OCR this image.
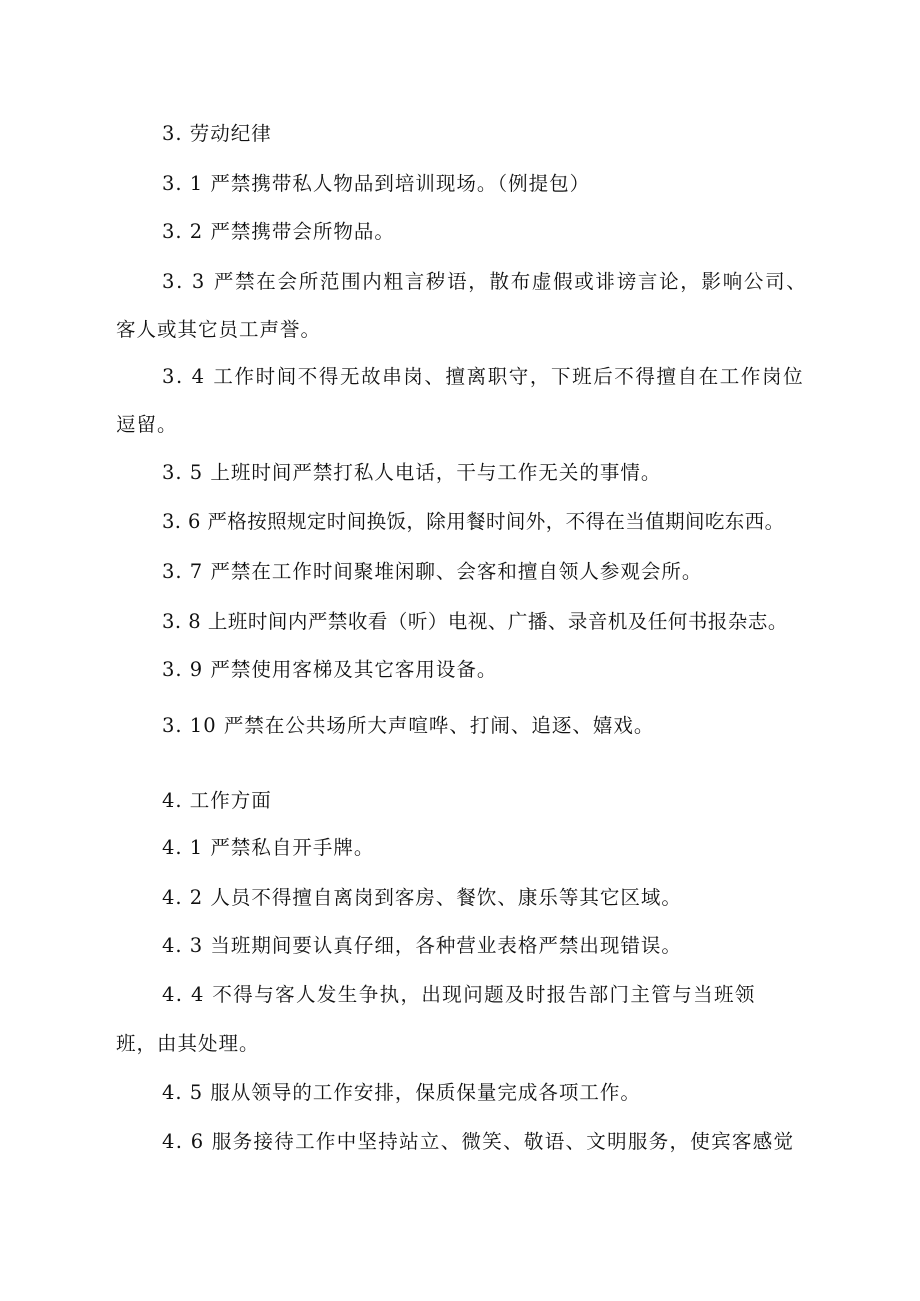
3. 劳动纪律
3. 1 严禁携带私人物品到培训现场。（例提包）
3. 2 严禁携带会所物品。
3. 3 严禁在会所范围内粗言秽语，散布虚假或诽谤言论，影响公司、
客人或其它员工声誉。
3. 4 工作时间不得无故串岗、擅离职守，下班后不得擅自在工作岗位
逗留。
3. 5 上班时间严禁打私人电话，干与工作无关的事情。
3. 6 严格按照规定时间换饭，除用餐时间外，不得在当值期间吃东西。
3. 7 严禁在工作时间聚堆闲聊、会客和擅自领人参观会所。
3. 8 上班时间内严禁收看（听）电视、广播、录音机及任何书报杂志。
3. 9 严禁使用客梯及其它客用设备。
3. 10 严禁在公共场所大声喧哗、打闹、追逐、嬉戏。
4. 工作方面
4. 1 严禁私自开手牌。
4. 2 人员不得擅自离岗到客房、餐饮、康乐等其它区域。
4. 3 当班期间要认真仔细，各种营业表格严禁出现错误。
4. 4 不得与客人发生争执，出现问题及时报告部门主管与当班领
班，由其处理。
4. 5 服从领导的工作安排，保质保量完成各项工作。
4. 6 服务接待工作中坚持站立、微笑、敬语、文明服务，使宾客感觉
